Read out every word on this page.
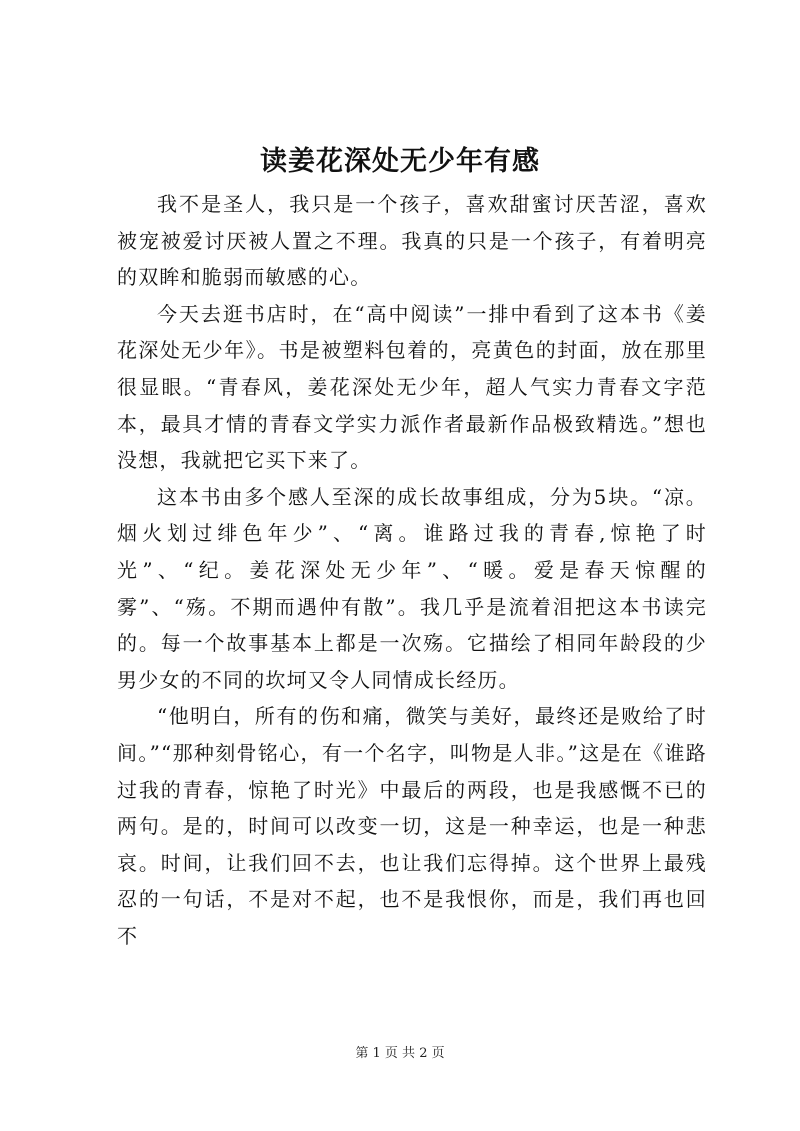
读姜花深处无少年有感

我不是圣人，我只是一个孩子，喜欢甜蜜讨厌苦涩，喜欢被宠被爱讨厌被人置之不理。我真的只是一个孩子，有着明亮的双眸和脆弱而敏感的心。

今天去逛书店时，在“高中阅读”一排中看到了这本书《姜花深处无少年》。书是被塑料包着的，亮黄色的封面，放在那里很显眼。“青春风，姜花深处无少年，超人气实力青春文字范本，最具才情的青春文学实力派作者最新作品极致精选。”想也没想，我就把它买下来了。

这本书由多个感人至深的成长故事组成，分为5块。“凉。烟火划过绯色年少”、“离。谁路过我的青春,惊艳了时光”、“纪。姜花深处无少年”、“暖。爱是春天惊醒的雾”、“殇。不期而遇仲有散”。我几乎是流着泪把这本书读完的。每一个故事基本上都是一次殇。它描绘了相同年龄段的少男少女的不同的坎坷又令人同情成长经历。

“他明白，所有的伤和痛，微笑与美好，最终还是败给了时间。”“那种刻骨铭心，有一个名字，叫物是人非。”这是在《谁路过我的青春，惊艳了时光》中最后的两段，也是我感慨不已的两句。是的，时间可以改变一切，这是一种幸运，也是一种悲哀。时间，让我们回不去，也让我们忘得掉。这个世界上最残忍的一句话，不是对不起，也不是我恨你，而是，我们再也回不

第 1 页 共 2 页
